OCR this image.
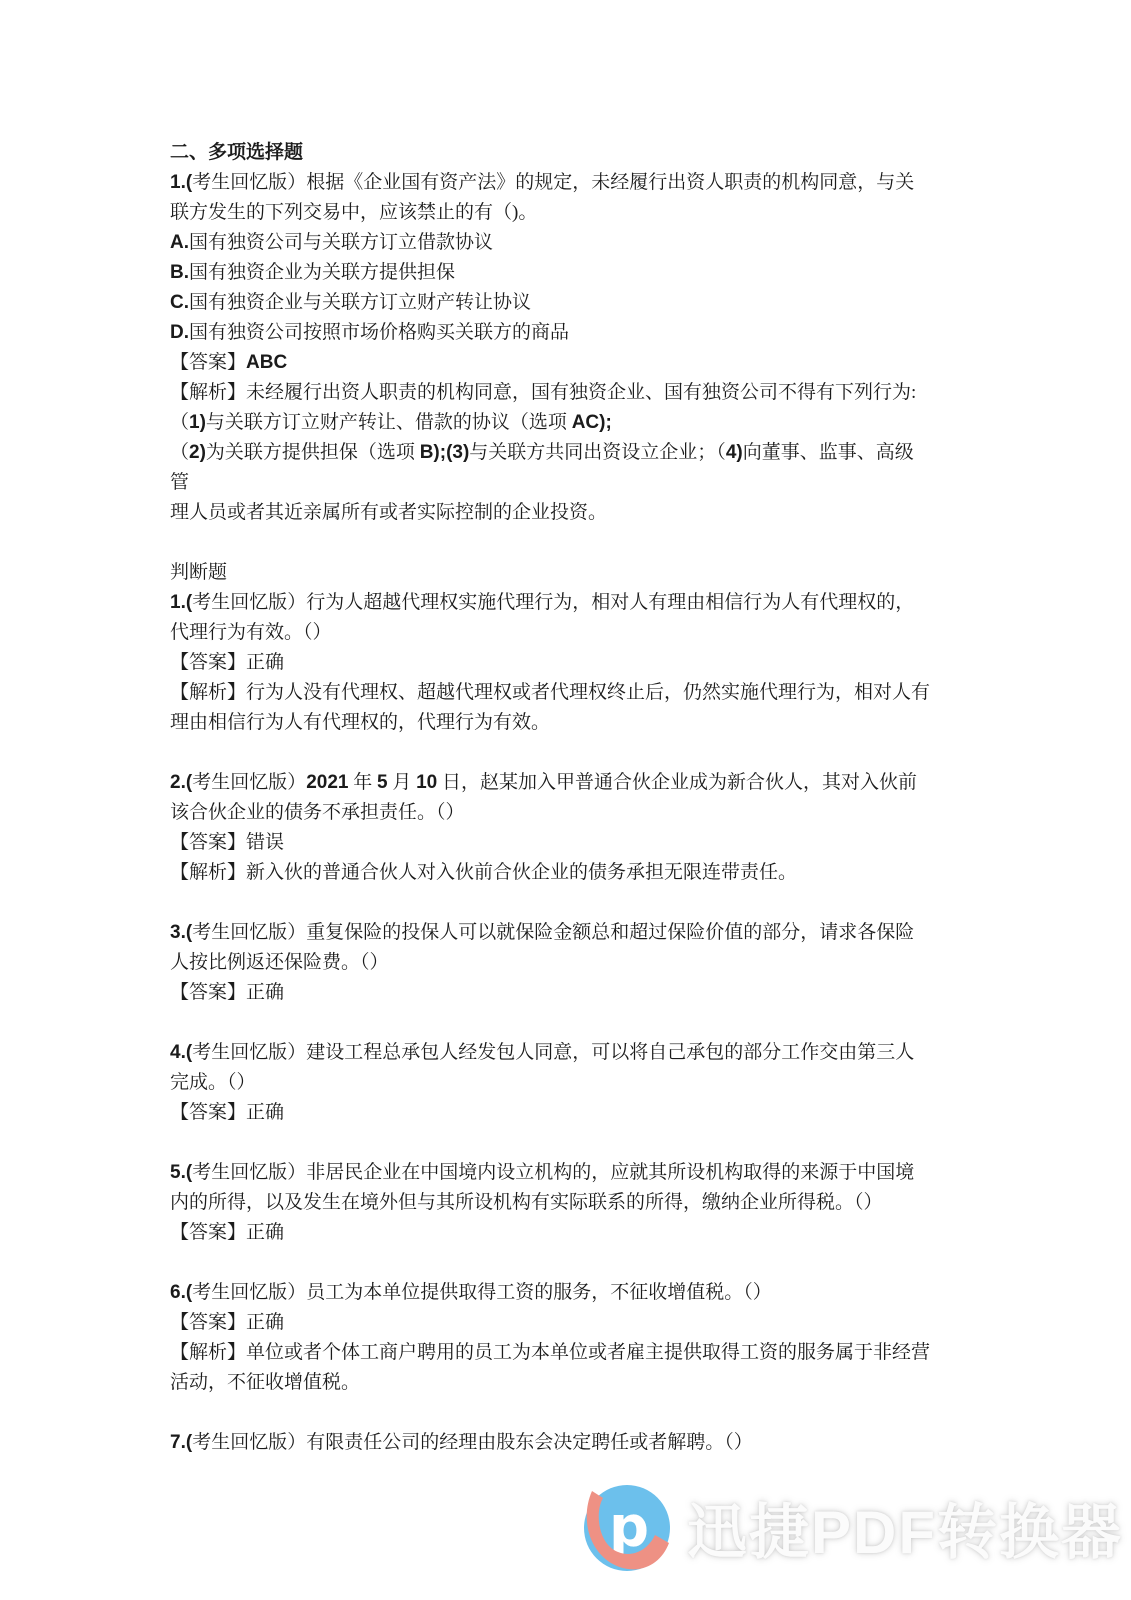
二、多项选择题
1.(考生回忆版）根据《企业国有资产法》的规定，未经履行出资人职责的机构同意，与关
联方发生的下列交易中，应该禁止的有（)。
A.国有独资公司与关联方订立借款协议
B.国有独资企业为关联方提供担保
C.国有独资企业与关联方订立财产转让协议
D.国有独资公司按照市场价格购买关联方的商品
【答案】ABC
【解析】未经履行出资人职责的机构同意，国有独资企业、国有独资公司不得有下列行为:
（1)与关联方订立财产转让、借款的协议（选项 AC);
（2)为关联方提供担保（选项 B);(3)与关联方共同出资设立企业；（4)向董事、监事、高级
管
理人员或者其近亲属所有或者实际控制的企业投资。
判断题
1.(考生回忆版）行为人超越代理权实施代理行为，相对人有理由相信行为人有代理权的，
代理行为有效。（）
【答案】正确
【解析】行为人没有代理权、超越代理权或者代理权终止后，仍然实施代理行为，相对人有
理由相信行为人有代理权的，代理行为有效。
2.(考生回忆版）2021 年 5 月 10 日，赵某加入甲普通合伙企业成为新合伙人，其对入伙前
该合伙企业的债务不承担责任。（）
【答案】错误
【解析】新入伙的普通合伙人对入伙前合伙企业的债务承担无限连带责任。
3.(考生回忆版）重复保险的投保人可以就保险金额总和超过保险价值的部分，请求各保险
人按比例返还保险费。（）
【答案】正确
4.(考生回忆版）建设工程总承包人经发包人同意，可以将自己承包的部分工作交由第三人
完成。（）
【答案】正确
5.(考生回忆版）非居民企业在中国境内设立机构的，应就其所设机构取得的来源于中国境
内的所得，以及发生在境外但与其所设机构有实际联系的所得，缴纳企业所得税。（）
【答案】正确
6.(考生回忆版）员工为本单位提供取得工资的服务，不征收增值税。（）
【答案】正确
【解析】单位或者个体工商户聘用的员工为本单位或者雇主提供取得工资的服务属于非经营
活动，不征收增值税。
7.(考生回忆版）有限责任公司的经理由股东会决定聘任或者解聘。（）
p 迅捷PDF转换器
